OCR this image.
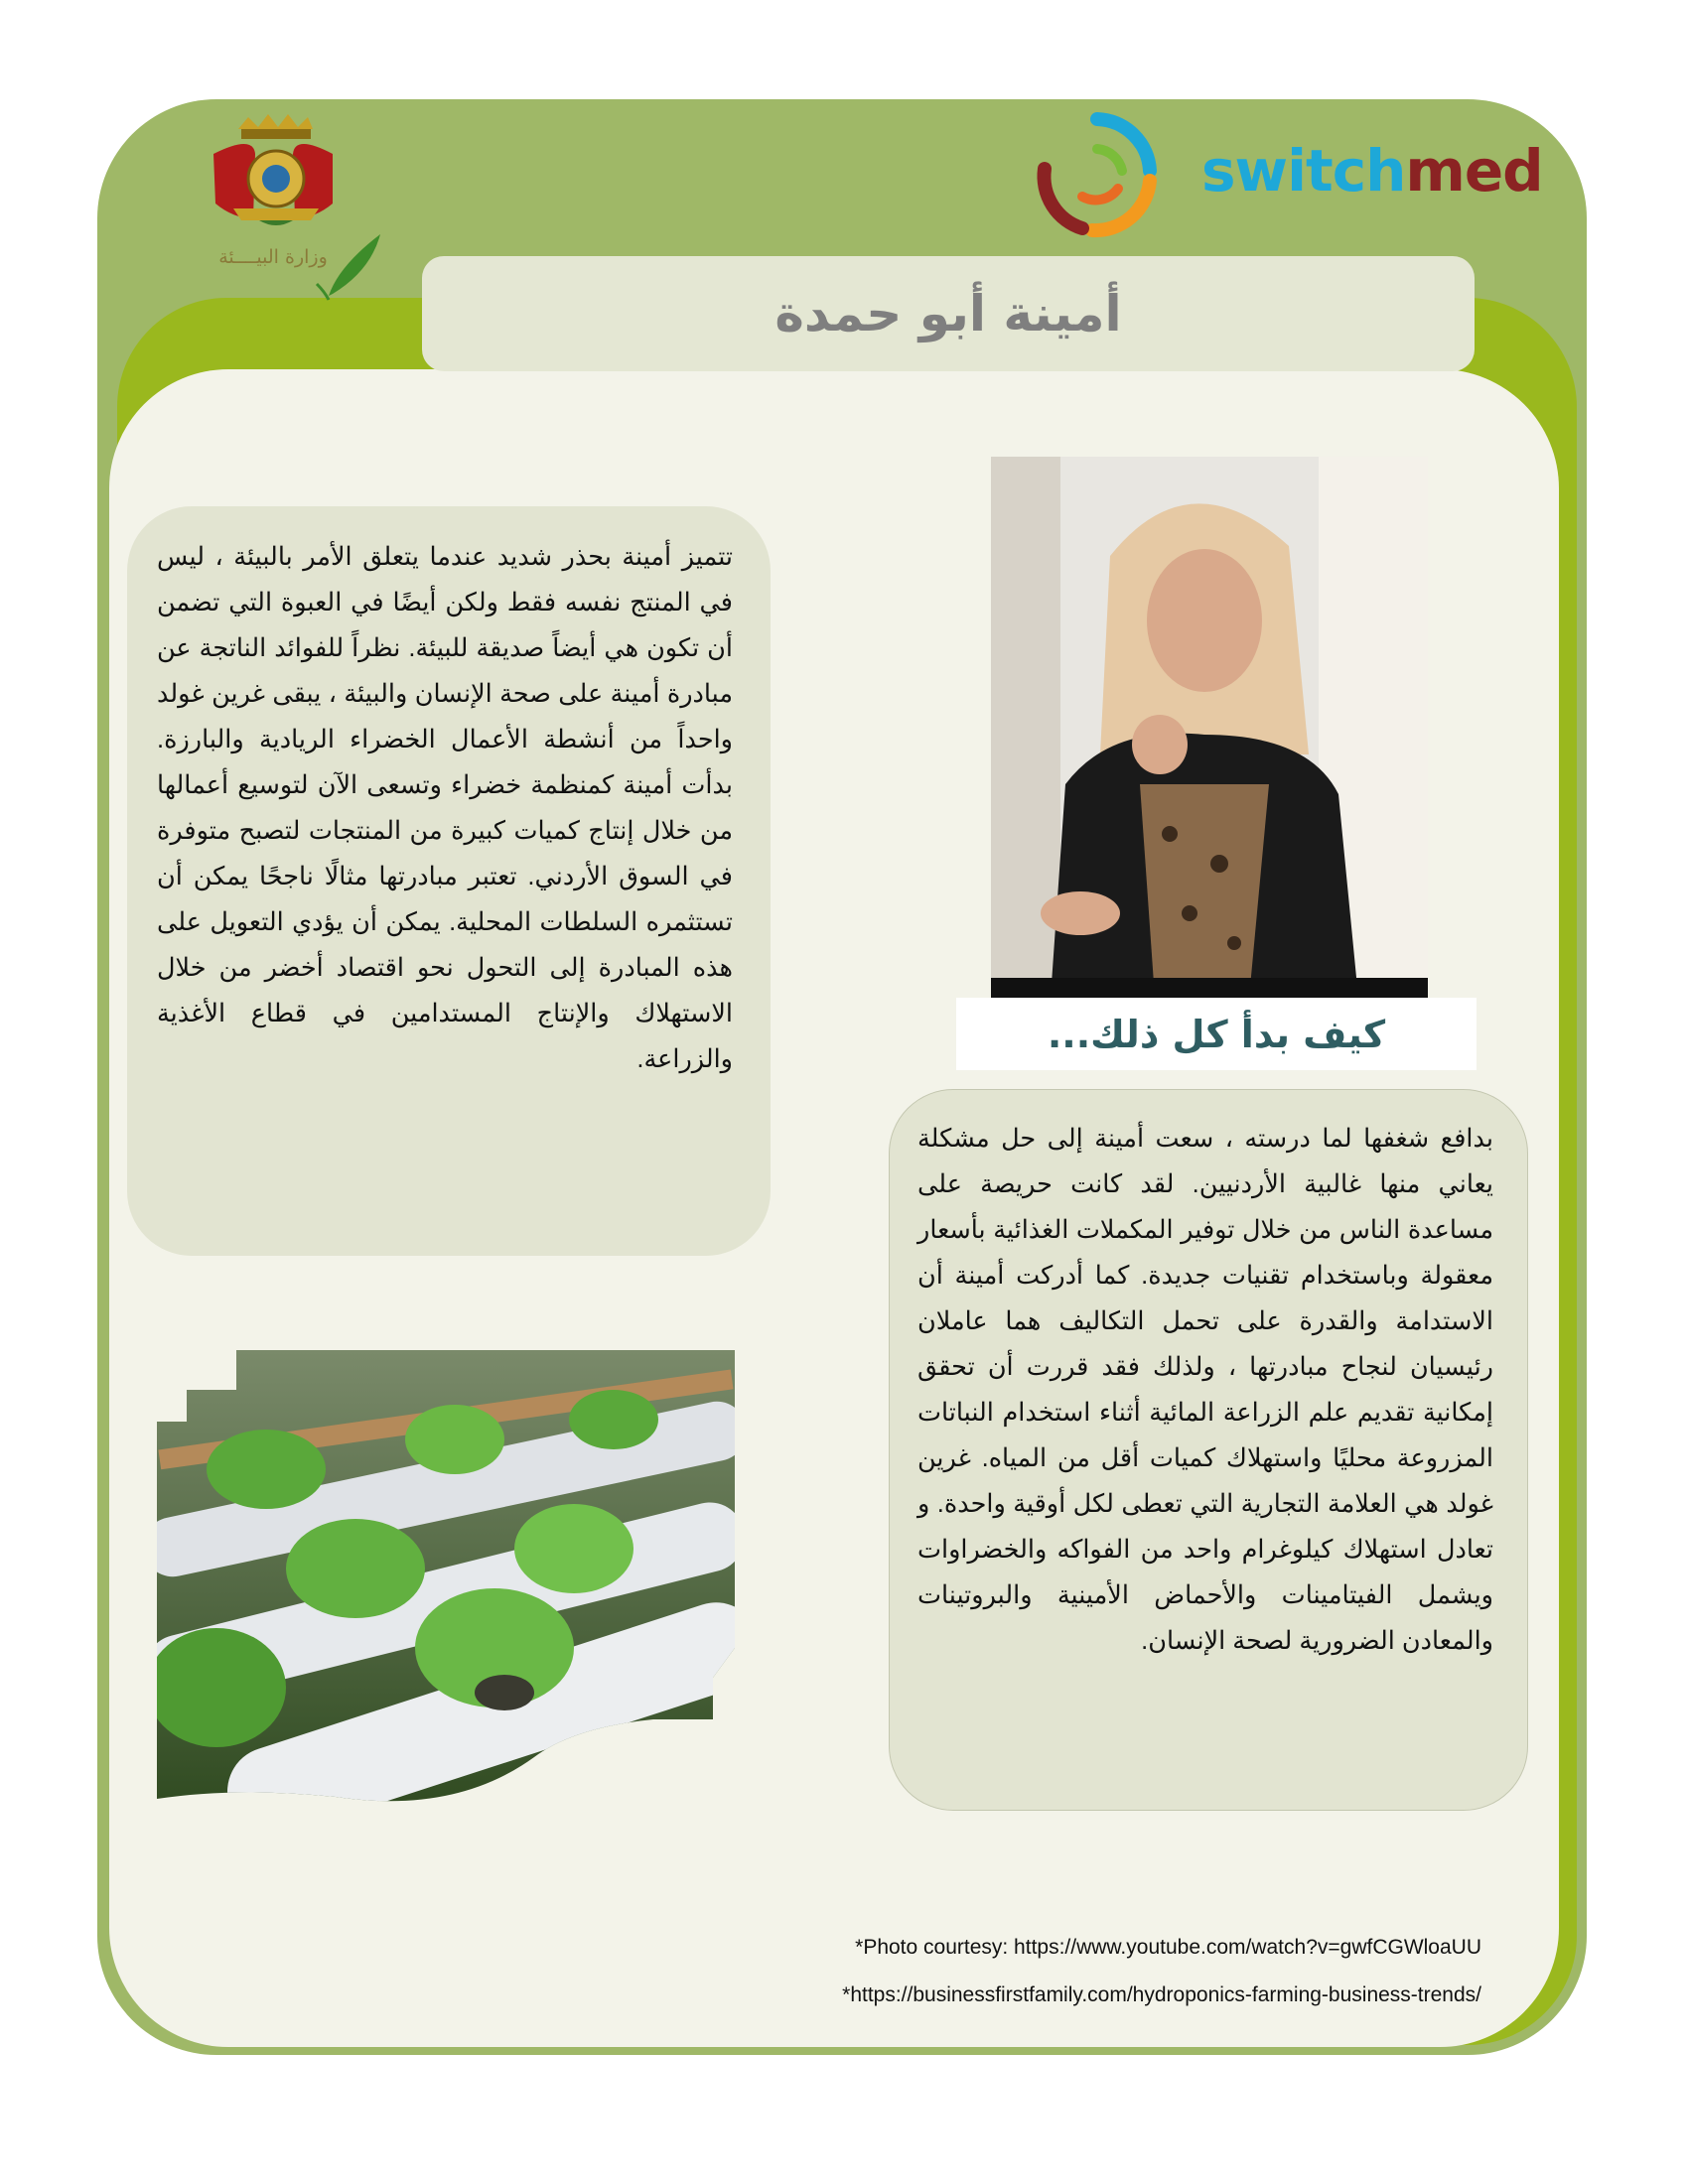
وزارة البيــــئة
switchmed
أمينة أبو حمدة
كيف بدأ كل ذلك...

تتميز أمينة بحذر شديد عندما يتعلق الأمر بالبيئة ، ليس في المنتج نفسه فقط ولكن أيضًا في العبوة التي تضمن أن تكون هي أيضاً صديقة للبيئة. نظراً للفوائد الناتجة عن مبادرة أمينة على صحة الإنسان والبيئة ، يبقى غرين غولد واحداً من أنشطة الأعمال الخضراء الريادية والبارزة. بدأت أمينة كمنظمة خضراء وتسعى الآن لتوسيع أعمالها من خلال إنتاج كميات كبيرة من المنتجات لتصبح متوفرة في السوق الأردني. تعتبر مبادرتها مثالًا ناجحًا يمكن أن تستثمره السلطات المحلية. يمكن أن يؤدي التعويل على هذه المبادرة إلى التحول نحو اقتصاد أخضر من خلال الاستهلاك والإنتاج المستدامين في قطاع الأغذية والزراعة.

بدافع شغفها لما درسته ، سعت أمينة إلى حل مشكلة يعاني منها غالبية الأردنيين. لقد كانت حريصة على مساعدة الناس من خلال توفير المكملات الغذائية بأسعار معقولة وباستخدام تقنيات جديدة. كما أدركت أمينة أن الاستدامة والقدرة على تحمل التكاليف هما عاملان رئيسيان لنجاح مبادرتها ، ولذلك فقد قررت أن تحقق إمكانية تقديم علم الزراعة المائية أثناء استخدام النباتات المزروعة محليًا واستهلاك كميات أقل من المياه. غرين غولد هي العلامة التجارية التي تعطى لكل أوقية واحدة. و تعادل استهلاك كيلوغرام واحد من الفواكه والخضراوات ويشمل الفيتامينات والأحماض الأمينية والبروتينات والمعادن الضرورية لصحة الإنسان.

*Photo courtesy: https://www.youtube.com/watch?v=gwfCGWloaUU
*https://businessfirstfamily.com/hydroponics-farming-business-trends/
